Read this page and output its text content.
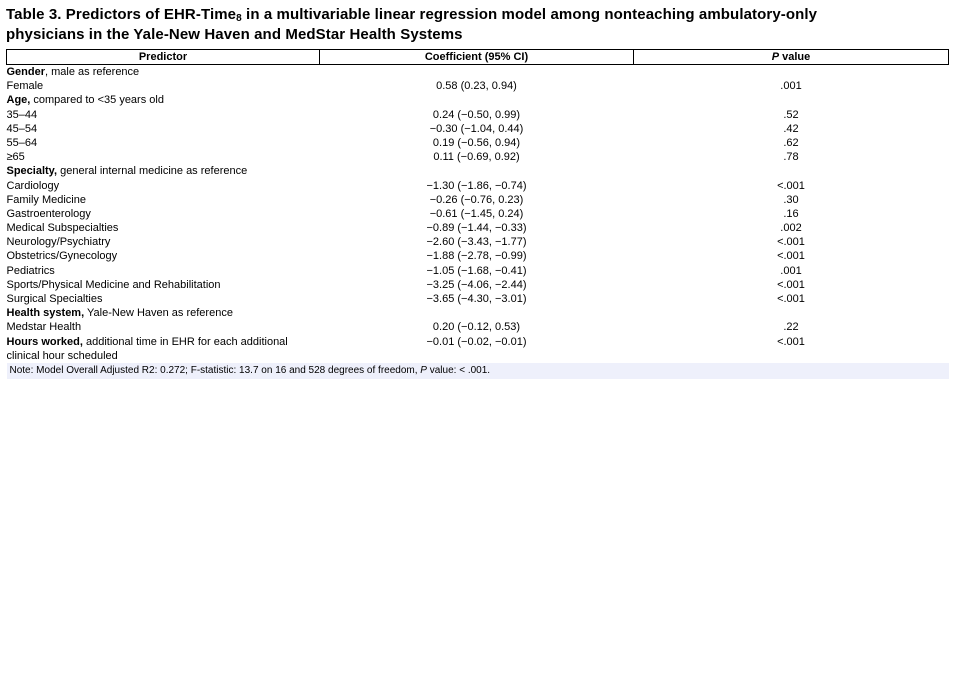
Table 3. Predictors of EHR-Time$_8$ in a multivariable linear regression model among nonteaching ambulatory-only
physicians in the Yale-New Haven and MedStar Health Systems
Predictor	Coefficient (95% CI)	P value
Gender, male as reference		
Female	0.58 (0.23, 0.94)	.001
Age, compared to <35 years old		
35–44	0.24 (−0.50, 0.99)	.52
45–54	−0.30 (−1.04, 0.44)	.42
55–64	0.19 (−0.56, 0.94)	.62
≥65	0.11 (−0.69, 0.92)	.78
Specialty, general internal medicine as reference		
Cardiology	−1.30 (−1.86, −0.74)	<.001
Family Medicine	−0.26 (−0.76, 0.23)	.30
Gastroenterology	−0.61 (−1.45, 0.24)	.16
Medical Subspecialties	−0.89 (−1.44, −0.33)	.002
Neurology/Psychiatry	−2.60 (−3.43, −1.77)	<.001
Obstetrics/Gynecology	−1.88 (−2.78, −0.99)	<.001
Pediatrics	−1.05 (−1.68, −0.41)	.001
Sports/Physical Medicine and Rehabilitation	−3.25 (−4.06, −2.44)	<.001
Surgical Specialties	−3.65 (−4.30, −3.01)	<.001
Health system, Yale-New Haven as reference		
Medstar Health	0.20 (−0.12, 0.53)	.22
Hours worked, additional time in EHR for each additional clinical hour scheduled	−0.01 (−0.02, −0.01)	<.001
Note: Model Overall Adjusted R2: 0.272; F-statistic: 13.7 on 16 and 528 degrees of freedom, P value: < .001.		
